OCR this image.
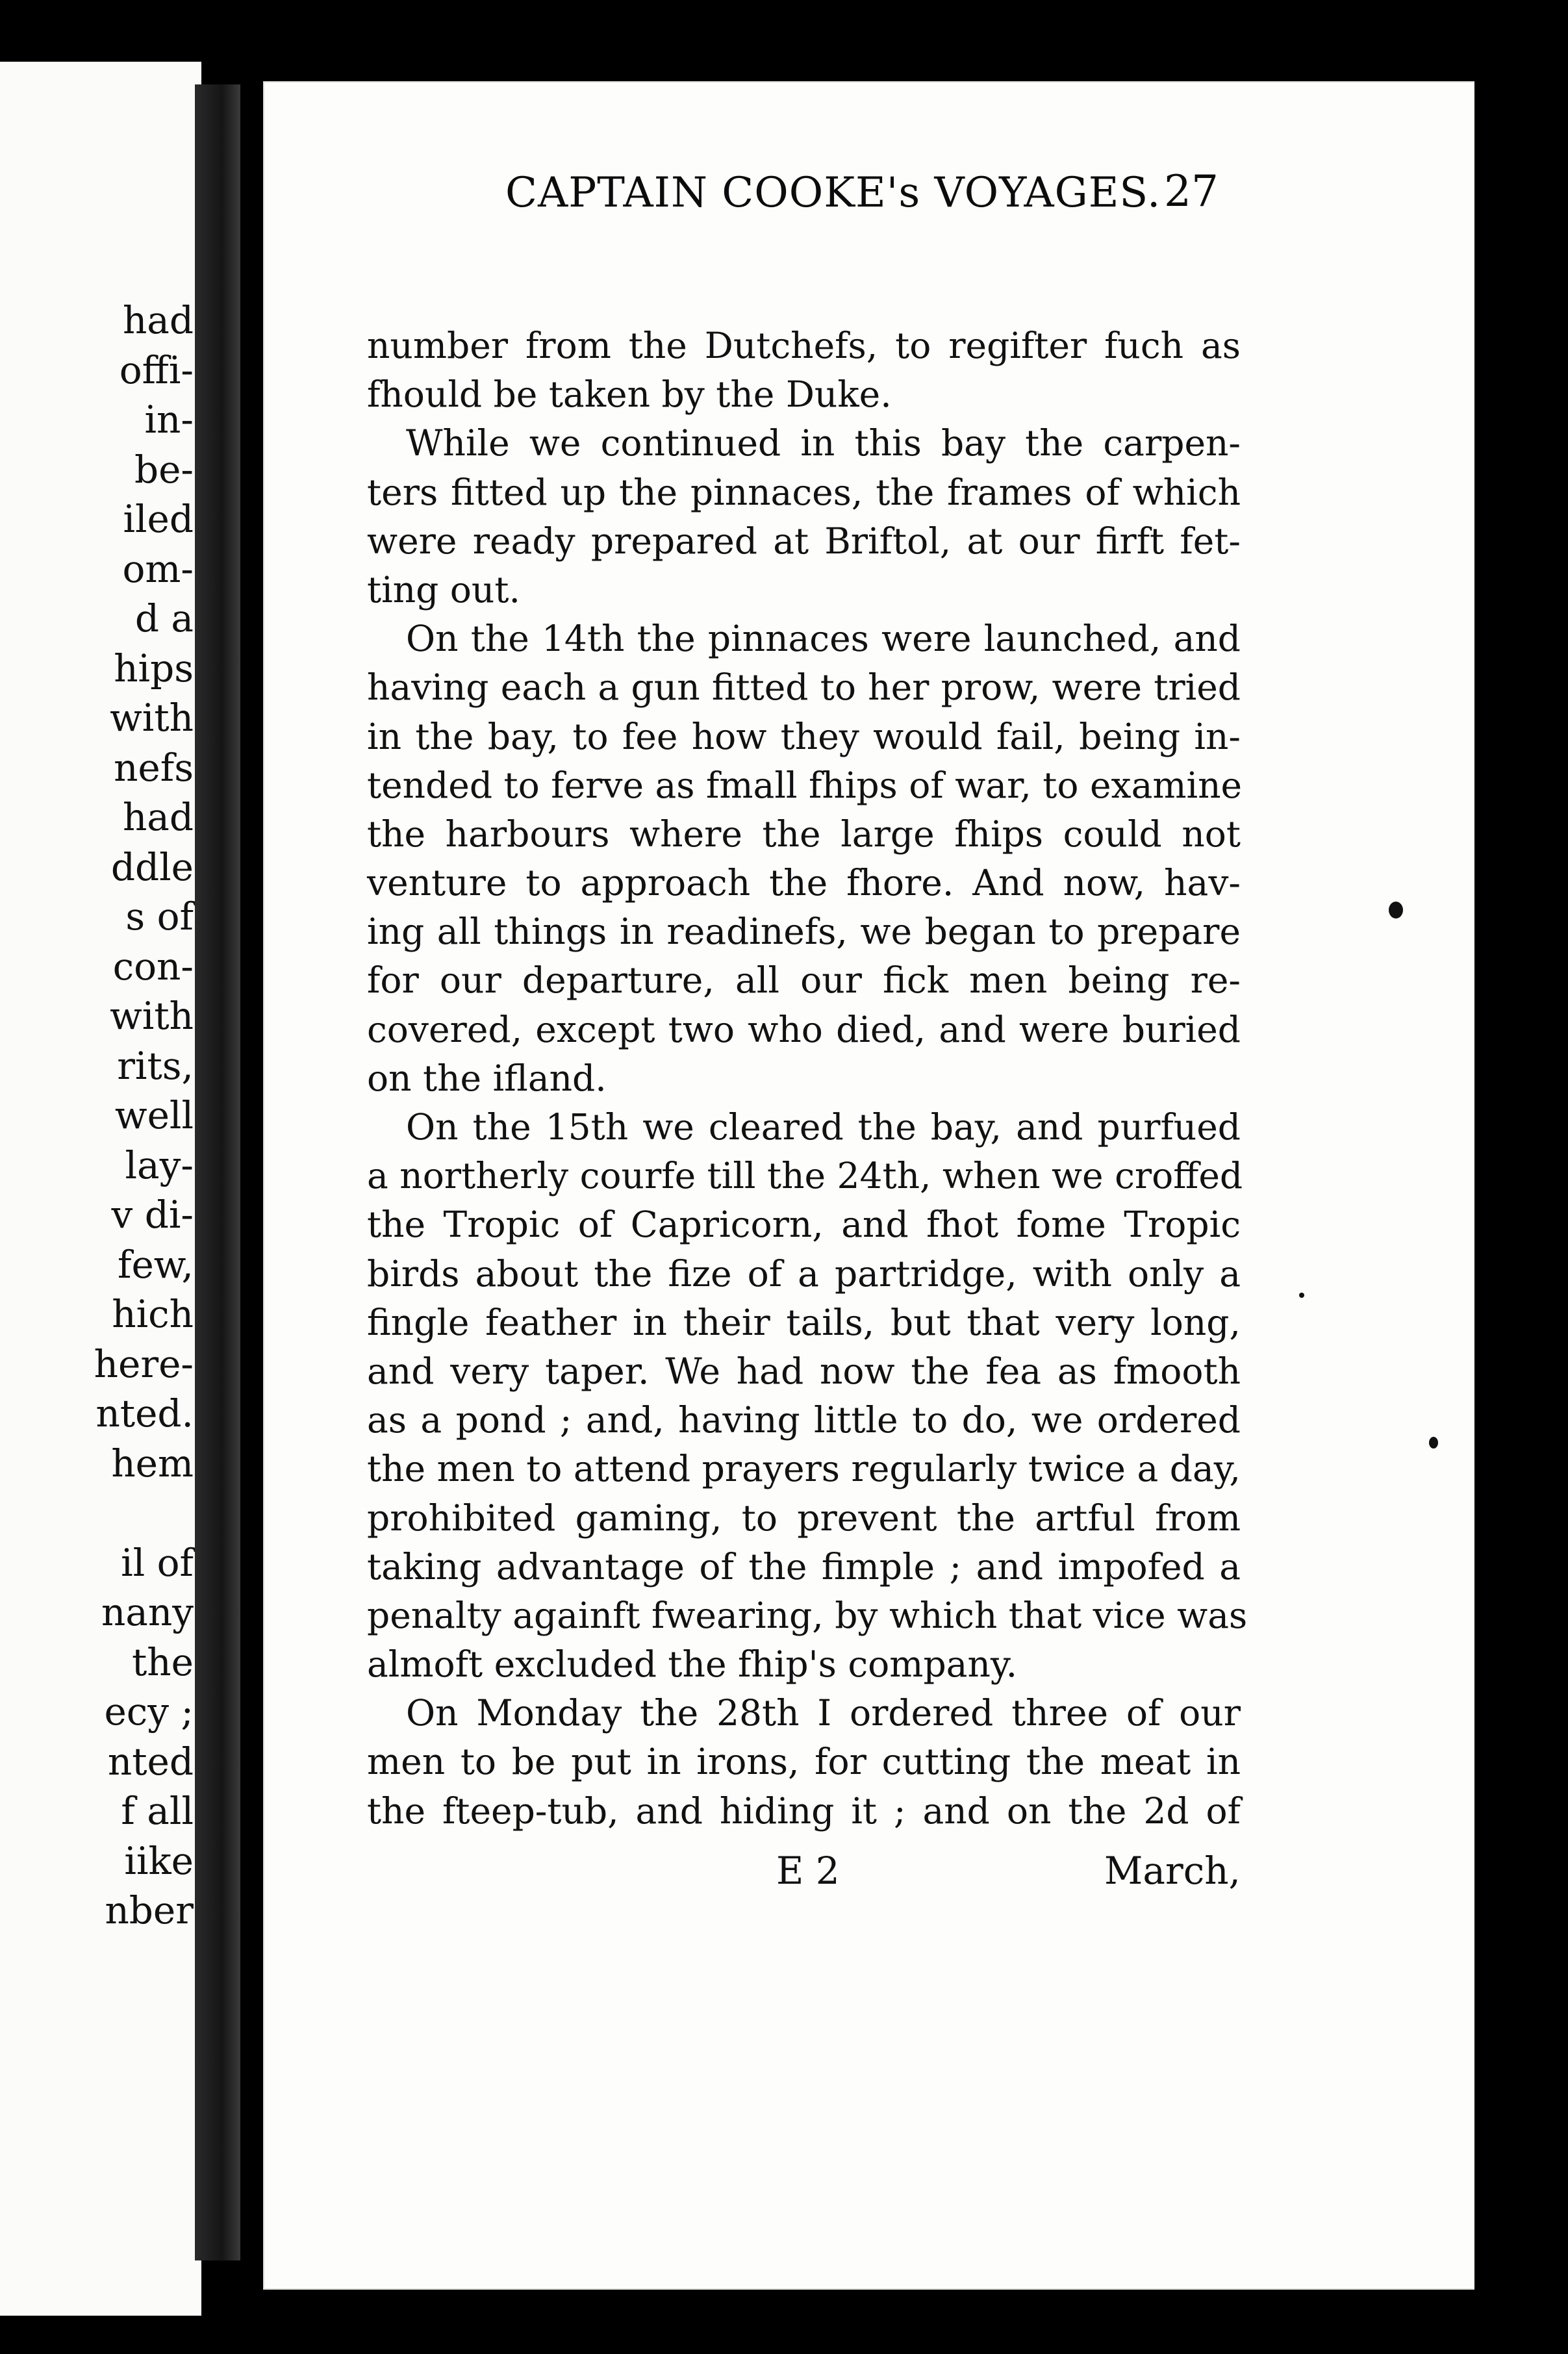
had
offi-
in-
be-
iled
om-
d a
hips
with
nefs
had
ddle
s of
con-
with
rits,
well
lay-
v di-
few,
hich
here-
nted.
hem
il of
nany
the
ecy ;
nted
f all
iike
nber
CAPTAIN COOKE's VOYAGES. 27
number from the Dutchefs, to regifter fuch as
fhould be taken by the Duke.
While we continued in this bay the carpen-
ters fitted up the pinnaces, the frames of which
were ready prepared at Briftol, at our firft fet-
ting out.
On the 14th the pinnaces were launched, and
having each a gun fitted to her prow, were tried
in the bay, to fee how they would fail, being in-
tended to ferve as fmall fhips of war, to examine
the harbours where the large fhips could not
venture to approach the fhore. And now, hav-
ing all things in readinefs, we began to prepare
for our departure, all our fick men being re-
covered, except two who died, and were buried
on the ifland.
On the 15th we cleared the bay, and purfued
a northerly courfe till the 24th, when we croffed
the Tropic of Capricorn, and fhot fome Tropic
birds about the fize of a partridge, with only a
fingle feather in their tails, but that very long,
and very taper. We had now the fea as fmooth
as a pond ; and, having little to do, we ordered
the men to attend prayers regularly twice a day,
prohibited gaming, to prevent the artful from
taking advantage of the fimple ; and impofed a
penalty againft fwearing, by which that vice was
almoft excluded the fhip's company.
On Monday the 28th I ordered three of our
men to be put in irons, for cutting the meat in
the fteep-tub, and hiding it ; and on the 2d of
E 2	March,
